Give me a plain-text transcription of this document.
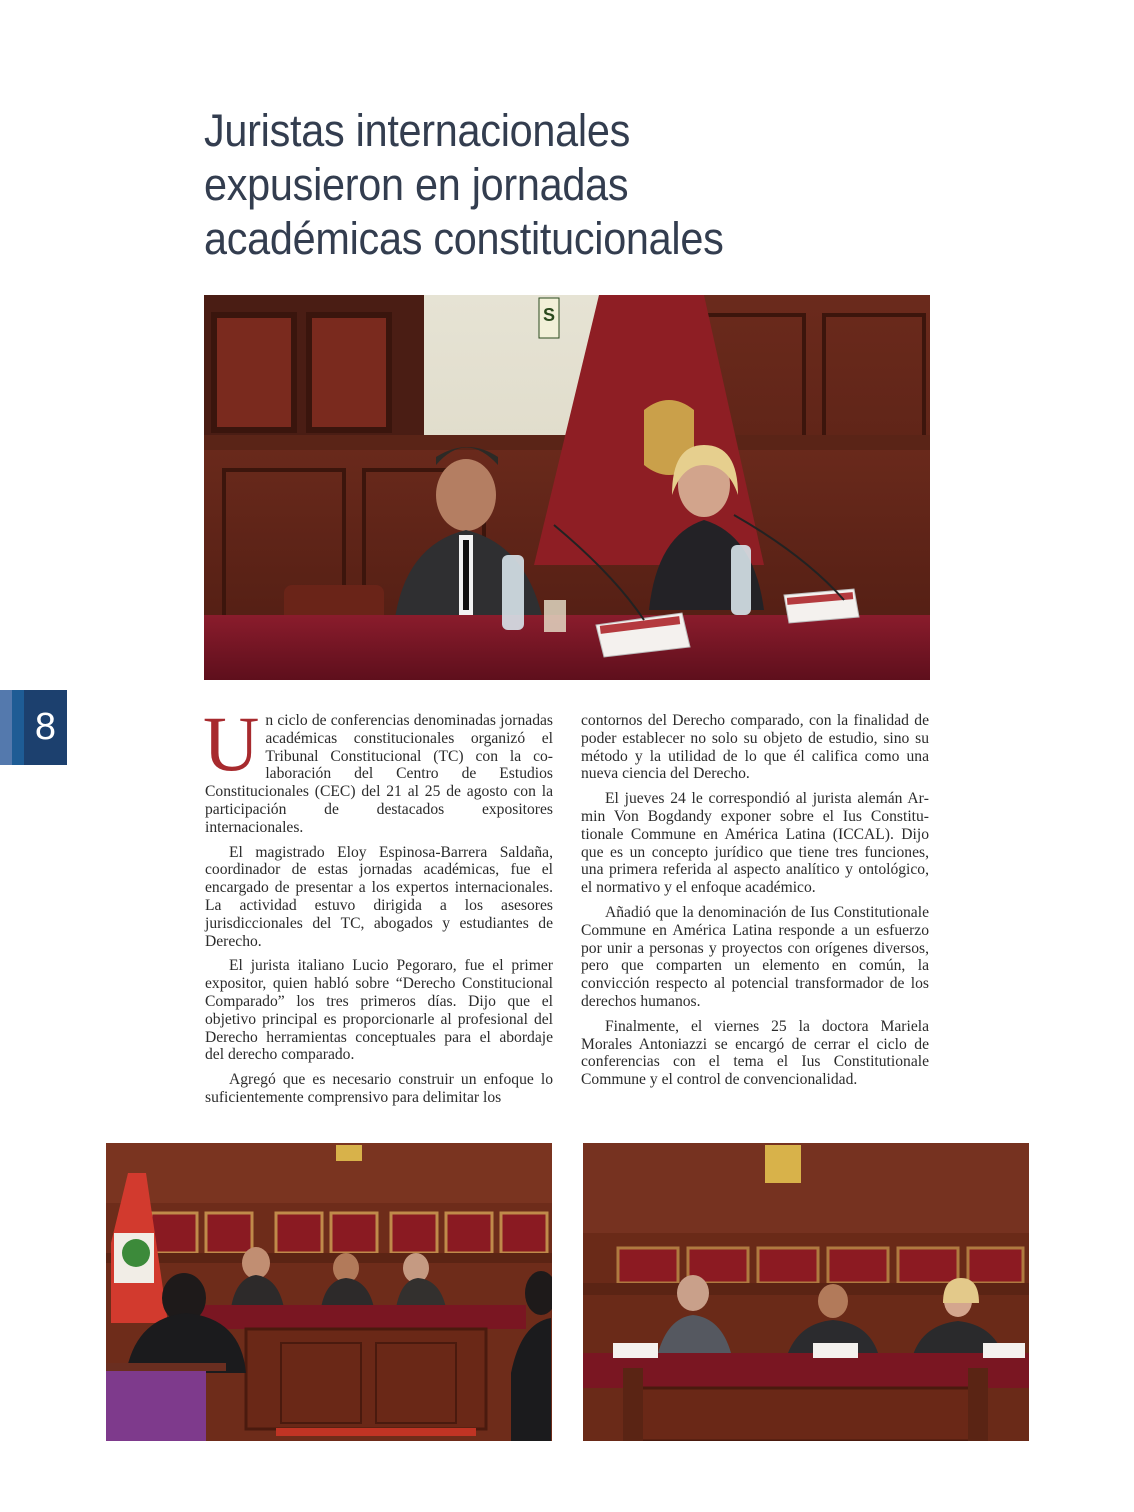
Juristas internacionales
expusieron en jornadas
académicas constitucionales
S
8 Un ciclo de conferencias denominadas jornadas académicas constitucionales organizó el Tribunal Constitucional (TC) con la colaboración del Centro de Estudios Constitucionales (CEC) del 21 al 25 de agosto con la participación de destacados expositores internacionales.

El magistrado Eloy Espinosa-Barrera Saldaña, coordinador de estas jornadas académicas, fue el encargado de presentar a los expertos internacionales. La actividad estuvo dirigida a los asesores jurisdiccionales del TC, abogados y estudiantes de Derecho.

El jurista italiano Lucio Pegoraro, fue el primer expositor, quien habló sobre “Derecho Constitucional Comparado” los tres primeros días. Dijo que el objetivo principal es proporcionarle al profesional del Derecho herramientas conceptuales para el abordaje del derecho comparado.

Agregó que es necesario construir un enfoque lo suficientemente comprensivo para delimitar los

contornos del Derecho comparado, con la finalidad de poder establecer no solo su objeto de estudio, sino su método y la utilidad de lo que él califica como una nueva ciencia del Derecho.

El jueves 24 le correspondió al jurista alemán Armin Von Bogdandy exponer sobre el Ius Constitutionale Commune en América Latina (ICCAL). Dijo que es un concepto jurídico que tiene tres funciones, una primera referida al aspecto analítico y ontológico, el normativo y el enfoque académico.

Añadió que la denominación de Ius Constitutionale Commune en América Latina responde a un esfuerzo por unir a personas y proyectos con orígenes diversos, pero que comparten un elemento en común, la convicción respecto al potencial transformador de los derechos humanos.

Finalmente, el viernes 25 la doctora Mariela Morales Antoniazzi se encargó de cerrar el ciclo de conferencias con el tema el Ius Constitutionale Commune y el control de convencionalidad.
